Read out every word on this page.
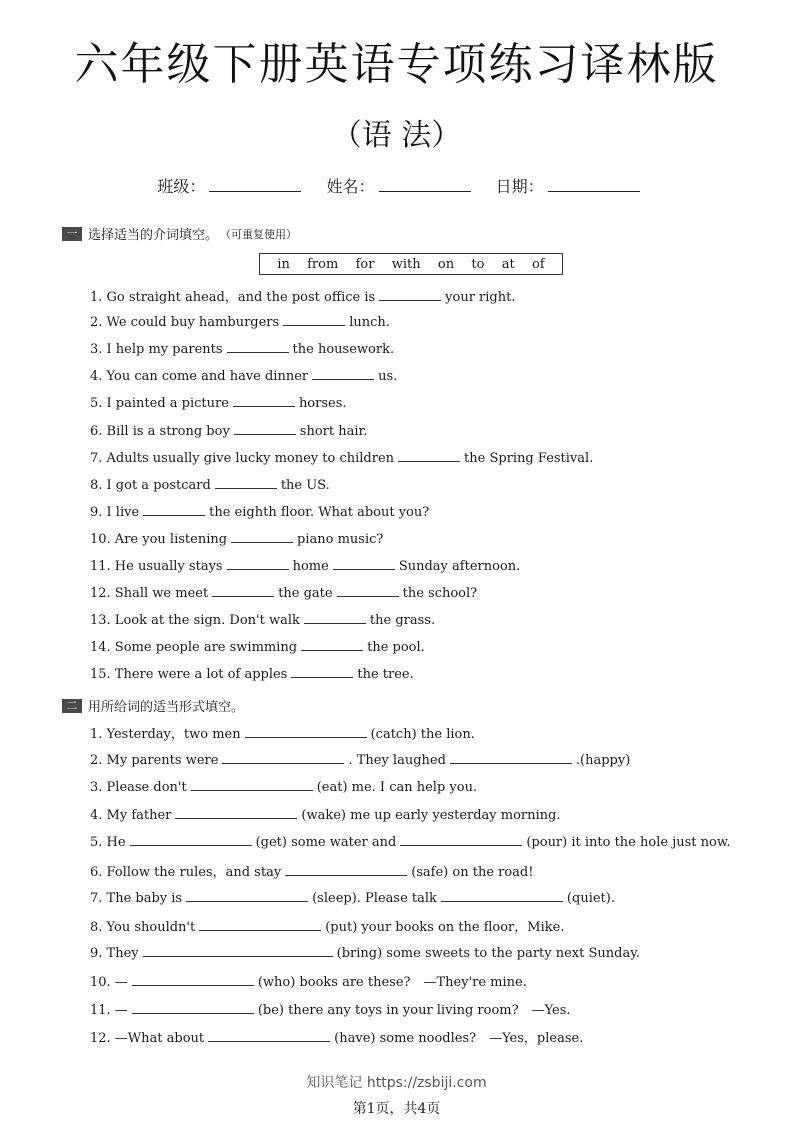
六年级下册英语专项练习译林版
（语 法）
班级：	姓名：	日期：
一 选择适当的介词填空。 （可重复使用）
in from for with on to at of
1. Go straight ahead，and the post office is	your right.
2. We could buy hamburgers	lunch.
3. I help my parents	the housework.
4. You can come and have dinner	us.
5. I painted a picture	horses.
6. Bill is a strong boy	short hair.
7. Adults usually give lucky money to children	the Spring Festival.
8. I got a postcard	the US.
9. I live	the eighth floor. What about you?
10. Are you listening	piano music?
11. He usually stays	home	Sunday afternoon.
12. Shall we meet	the gate	the school?
13. Look at the sign. Don't walk	the grass.
14. Some people are swimming	the pool.
15. There were a lot of apples	the tree.
二 用所给词的适当形式填空。
1. Yesterday，two men	(catch) the lion.
2. My parents were	. They laughed	.(happy)
3. Please don't	(eat) me. I can help you.
4. My father	(wake) me up early yesterday morning.
5. He	(get) some water and	(pour) it into the hole just now.
6. Follow the rules，and stay	(safe) on the road!
7. The baby is	(sleep). Please talk	(quiet).
8. You shouldn't	(put) your books on the floor，Mike.
9. They	(bring) some sweets to the party next Sunday.
10. —	(who) books are these?　—They're mine.
11. —	(be) there any toys in your living room?　—Yes.
12. —What about	(have) some noodles?　—Yes，please.
知识笔记 https://zsbiji.com
第1页，共4页
